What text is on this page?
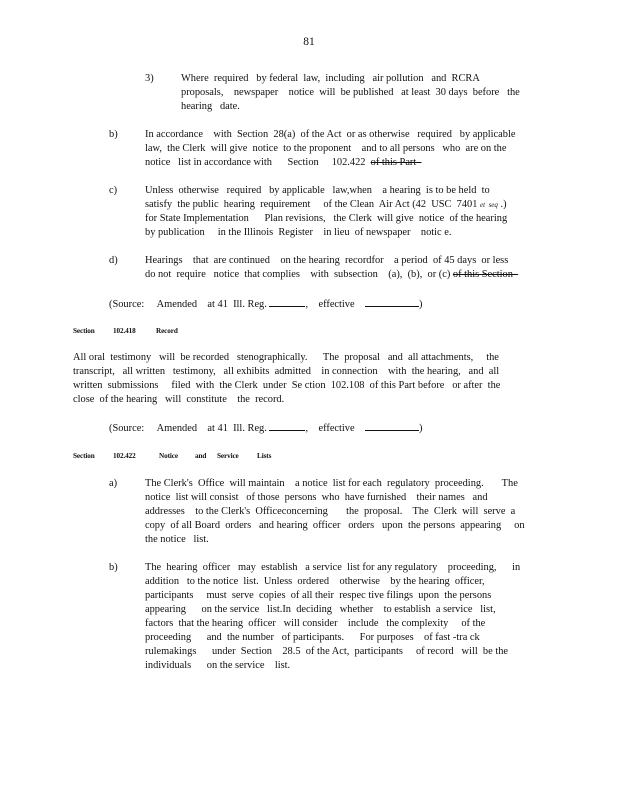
81
3)	Where  required   by federal  law,  including   air pollution   and  RCRA
proposals,    newspaper    notice  will  be published   at least  30 days  before   the
hearing   date.
b)	In accordance    with  Section  28(a)  of the Act  or as otherwise   required   by applicable
law,  the Clerk  will give  notice  to the proponent    and to all persons   who  are on the
notice   list in accordance with      Section     102.422  of this Part
c)	Unless  otherwise   required   by applicable   law,when    a hearing  is to be held  to
satisfy  the public  hearing  requirement     of the Clean  Air Act (42  USC  7401 et  seq .)
for State Implementation      Plan revisions,   the Clerk  will give  notice  of the hearing
by publication     in the Illinois  Register    in lieu  of newspaper    notic e.
d)	Hearings    that  are continued    on the hearing  recordfor    a period  of 45 days  or less
do not  require   notice  that complies    with  subsection    (a),  (b),  or (c) of this Section
(Source:     Amended    at 41  Ill. Reg.	, effective	)
Section	102.418	Record
All oral  testimony   will  be recorded   stenographically.      The  proposal   and  all attachments,     the
transcript,   all written   testimony,   all exhibits  admitted    in connection    with  the hearing,   and  all
written  submissions     filed  with  the Clerk  under  Se ction  102.108  of this Part before   or after  the
close  of the hearing   will  constitute    the  record.
(Source:     Amended    at 41  Ill. Reg.	, effective	)
Section	102.422	Notice and Service	Lists
a)	The Clerk's  Office  will maintain    a notice  list for each  regulatory  proceeding.       The
notice  list will consist   of those  persons  who  have furnished    their names   and
addresses    to the Clerk's  Officeconcerning       the  proposal.    The  Clerk  will  serve  a
copy  of all Board  orders   and hearing  officer   orders   upon  the persons  appearing     on
the notice   list.
b)	The  hearing  officer   may  establish   a service  list for any regulatory    proceeding,      in
addition   to the notice  list.  Unless  ordered    otherwise    by the hearing  officer,
participants     must  serve  copies  of all their  respec tive filings  upon  the persons
appearing      on the service   list.In  deciding   whether    to establish  a service   list,
factors  that the hearing  officer   will consider    include   the complexity     of the
proceeding      and  the number   of participants.      For purposes    of fast -tra ck
rulemakings      under  Section    28.5  of the Act,  participants     of record   will  be the
individuals      on the service    list.
